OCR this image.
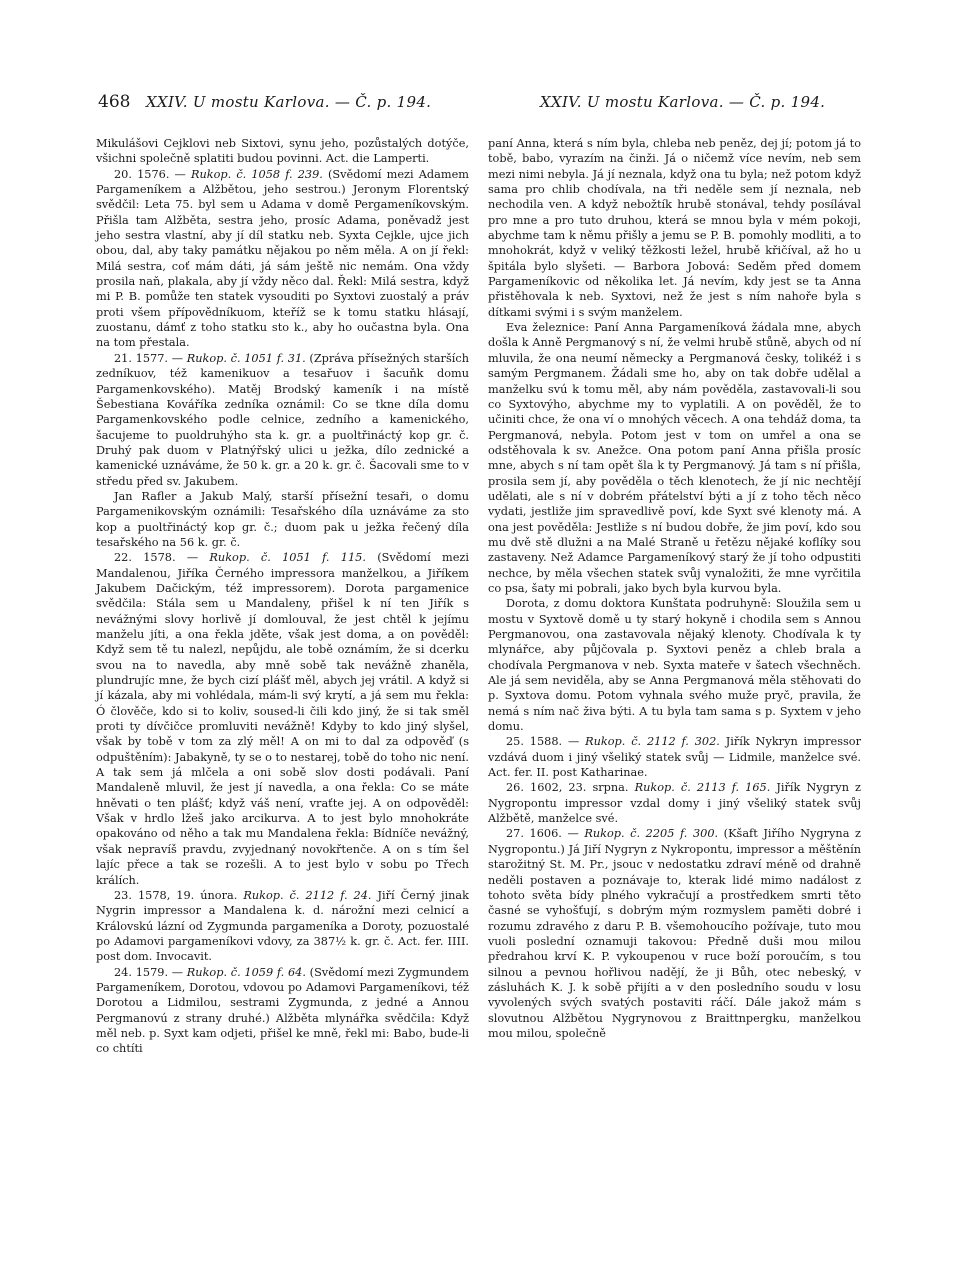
468 XXIV. U mostu Karlova. — Č. p. 194.	XXIV. U mostu Karlova. — Č. p. 194.

Mikulášovi Cejklovi neb Sixtovi, synu jeho, pozůstalých dotýče, všichni společně splatiti budou povinni. Act. die Lamperti.

20. 1576. — Rukop. č. 1058 f. 239. (Svědomí mezi Adamem Pargameníkem a Alžbětou, jeho sestrou.) Jeronym Florentský svědčil: Leta 75. byl sem u Adama v domě Pergameníkovským. Přišla tam Alžběta, sestra jeho, prosíc Adama, poněvadž jest jeho sestra vlastní, aby jí díl statku neb. Syxta Cejkle, ujce jich obou, dal, aby taky památku nějakou po něm měla. A on jí řekl: Milá sestra, coť mám dáti, já sám ještě nic nemám. Ona vždy prosila naň, plakala, aby jí vždy něco dal. Řekl: Milá sestra, když mi P. B. pomůže ten statek vysouditi po Syxtovi zuostalý a práv proti všem přípovědníkuom, kteříž se k tomu statku hlásají, zuostanu, dámť z toho statku sto k., aby ho oučastna byla. Ona na tom přestala.

21. 1577. — Rukop. č. 1051 f. 31. (Zpráva přísežných starších zedníkuov, též kamenikuov a tesařuov i šacuňk domu Pargamenkovského). Matěj Brodský kameník i na místě Šebestiana Kováříka zedníka oznámil: Co se tkne díla domu Pargamenkovského podle celnice, zedního a kamenického, šacujeme to puoldruhýho sta k. gr. a puoltřináctý kop gr. č. Druhý pak duom v Platnýřský ulici u ježka, dílo zednické a kamenické uznáváme, že 50 k. gr. a 20 k. gr. č. Šacovali sme to v středu před sv. Jakubem.

Jan Rafler a Jakub Malý, starší přísežní tesaři, o domu Pargamenikovským oznámili: Tesařského díla uznáváme za sto kop a puoltřináctý kop gr. č.; duom pak u ježka řečený díla tesařského na 56 k. gr. č.

22. 1578. — Rukop. č. 1051 f. 115. (Svědomí mezi Mandalenou, Jiříka Černého impressora manželkou, a Jiříkem Jakubem Dačickým, též impressorem). Dorota pargamenice svědčila: Stála sem u Mandaleny, přišel k ní ten Jiřík s nevážnými slovy horlivě jí domlouval, že jest chtěl k jejímu manželu jíti, a ona řekla jděte, však jest doma, a on pověděl: Když sem tě tu nalezl, nepůjdu, ale tobě oznámím, že si dcerku svou na to navedla, aby mně sobě tak nevážně zhaněla, plundrujíc mne, že bych cizí plášť měl, abych jej vrátil. A když si jí kázala, aby mi vohlédala, mám-li svý krytí, a já sem mu řekla: Ó člověče, kdo si to koliv, soused-li čili kdo jiný, že si tak směl proti ty dívčičce promluviti nevážně! Kdyby to kdo jiný slyšel, však by tobě v tom za zlý měl! A on mi to dal za odpověď (s odpuštěním): Jabakyně, ty se o to nestarej, tobě do toho nic není. A tak sem já mlčela a oni sobě slov dosti podávali. Paní Mandaleně mluvil, že jest jí navedla, a ona řekla: Co se máte hněvati o ten plášť; když váš není, vraťte jej. A on odpověděl: Však v hrdlo lžeš jako arcikurva. A to jest bylo mnohokráte opakováno od něho a tak mu Mandalena řekla: Bídníče nevážný, však nepravíš pravdu, zvyjednaný novokřtenče. A on s tím šel lajíc přece a tak se rozešli. A to jest bylo v sobu po Třech králích.

23. 1578, 19. února. Rukop. č. 2112 f. 24. Jiří Černý jinak Nygrin impressor a Mandalena k. d. nárožní mezi celnicí a Královskú lázní od Zygmunda pargameníka a Doroty, pozuostalé po Adamovi pargameníkovi vdovy, za 387½ k. gr. č. Act. fer. IIII. post dom. Invocavit.

24. 1579. — Rukop. č. 1059 f. 64. (Svědomí mezi Zygmundem Pargameníkem, Dorotou, vdovou po Adamovi Pargameníkovi, též Dorotou a Lidmilou, sestrami Zygmunda, z jedné a Annou Pergmanovú z strany druhé.) Alžběta mlynářka svědčila: Když měl neb. p. Syxt kam odjeti, přišel ke mně, řekl mi: Babo, bude-li co chtíti

paní Anna, která s ním byla, chleba neb peněz, dej jí; potom já to tobě, babo, vyrazím na činži. Já o ničemž více nevím, neb sem mezi nimi nebyla. Já jí neznala, když ona tu byla; než potom když sama pro chlib chodívala, na tři neděle sem jí neznala, neb nechodila ven. A když nebožtík hrubě stonával, tehdy posílával pro mne a pro tuto druhou, která se mnou byla v mém pokoji, abychme tam k němu přišly a jemu se P. B. pomohly modliti, a to mnohokrát, když v veliký těžkosti ležel, hrubě křičíval, až ho u špitála bylo slyšeti. — Barbora Jobová: Seděm před domem Pargameníkovic od několika let. Já nevím, kdy jest se ta Anna přistěhovala k neb. Syxtovi, než že jest s ním nahoře byla s dítkami svými i s svým manželem.

Eva železnice: Paní Anna Pargameníková žádala mne, abych došla k Anně Pergmanový s ní, že velmi hrubě stůně, abych od ní mluvila, že ona neumí německy a Pergmanová česky, tolikéž i s samým Pergmanem. Žádali sme ho, aby on tak dobře udělal a manželku svú k tomu měl, aby nám pověděla, zastavovali-li sou co Syxtovýho, abychme my to vyplatili. A on pověděl, že to učiniti chce, že ona ví o mnohých věcech. A ona tehdáž doma, ta Pergmanová, nebyla. Potom jest v tom on umřel a ona se odstěhovala k sv. Anežce. Ona potom paní Anna přišla prosíc mne, abych s ní tam opět šla k ty Pergmanový. Já tam s ní přišla, prosila sem jí, aby pověděla o těch klenotech, že jí nic nechtějí udělati, ale s ní v dobrém přátelství býti a jí z toho těch něco vydati, jestliže jim spravedlivě poví, kde Syxt své klenoty má. A ona jest pověděla: Jestliže s ní budou dobře, že jim poví, kdo sou mu dvě stě dlužni a na Malé Straně u řetězu nějaké koflíky sou zastaveny. Než Adamce Pargameníkový starý že jí toho odpustiti nechce, by měla všechen statek svůj vynaložiti, že mne vyrčitila co psa, šaty mi pobrali, jako bych byla kurvou byla.

Dorota, z domu doktora Kunštata podruhyně: Sloužila sem u mostu v Syxtově domě u ty starý hokyně i chodila sem s Annou Pergmanovou, ona zastavovala nějaký klenoty. Chodívala k ty mlynářce, aby půjčovala p. Syxtovi peněz a chleb brala a chodívala Pergmanova v neb. Syxta mateře v šatech všechněch. Ale já sem neviděla, aby se Anna Pergmanová měla stěhovati do p. Syxtova domu. Potom vyhnala svého muže pryč, pravila, že nemá s ním nač živa býti. A tu byla tam sama s p. Syxtem v jeho domu.

25. 1588. — Rukop. č. 2112 f. 302. Jiřík Nykryn impressor vzdává duom i jiný všeliký statek svůj — Lidmile, manželce své. Act. fer. II. post Katharinae.

26. 1602, 23. srpna. Rukop. č. 2113 f. 165. Jiřík Nygryn z Nygropontu impressor vzdal domy i jiný všeliký statek svůj Alžbětě, manželce své.

27. 1606. — Rukop. č. 2205 f. 300. (Kšaft Jiřího Nygryna z Nygropontu.) Já Jiří Nygryn z Nykropontu, impressor a měštěnín starožitný St. M. Pr., jsouc v nedostatku zdraví méně od drahně neděli postaven a poznávaje to, kterak lidé mimo nadálost z tohoto světa bídy plného vykračují a prostředkem smrti těto časné se vyhošťují, s dobrým mým rozmyslem paměti dobré i rozumu zdravého z daru P. B. všemohoucího požívaje, tuto mou vuoli poslední oznamuji takovou: Předně duši mou milou předrahou krví K. P. vykoupenou v ruce boží poroučím, s tou silnou a pevnou hořlivou nadějí, že ji Bůh, otec nebeský, v zásluhách K. J. k sobě přijíti a v den posledního soudu v losu vyvolených svých svatých postaviti ráčí. Dále jakož mám s slovutnou Alžbětou Nygrynovou z Braittnpergku, manželkou mou milou, společně
